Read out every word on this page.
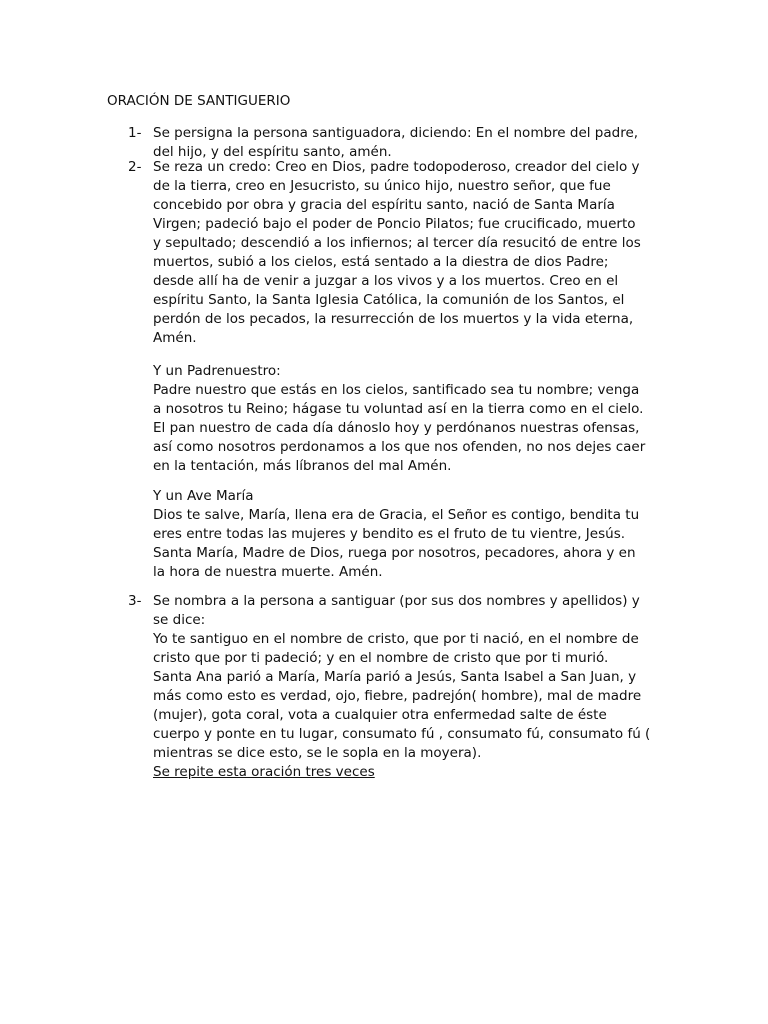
ORACIÓN DE SANTIGUERIO
1- Se persigna la persona santiguadora, diciendo: En el nombre del padre,
del hijo, y del espíritu santo, amén.
2- Se reza un credo: Creo en Dios, padre todopoderoso, creador del cielo y
de la tierra, creo en Jesucristo, su único hijo, nuestro señor, que fue
concebido por obra y gracia del espíritu santo, nació de Santa María
Virgen; padeció bajo el poder de Poncio Pilatos; fue crucificado, muerto
y sepultado; descendió a los infiernos; al tercer día resucitó de entre los
muertos, subió a los cielos, está sentado a la diestra de dios Padre;
desde allí ha de venir a juzgar a los vivos y a los muertos. Creo en el
espíritu Santo, la Santa Iglesia Católica, la comunión de los Santos, el
perdón de los pecados, la resurrección de los muertos y la vida eterna,
Amén.
Y un Padrenuestro:
Padre nuestro que estás en los cielos, santificado sea tu nombre; venga
a nosotros tu Reino; hágase tu voluntad así en la tierra como en el cielo.
El pan nuestro de cada día dánoslo hoy y perdónanos nuestras ofensas,
así como nosotros perdonamos a los que nos ofenden, no nos dejes caer
en la tentación, más líbranos del mal Amén.
Y un Ave María
Dios te salve, María, llena era de Gracia, el Señor es contigo, bendita tu
eres entre todas las mujeres y bendito es el fruto de tu vientre, Jesús.
Santa María, Madre de Dios, ruega por nosotros, pecadores, ahora y en
la hora de nuestra muerte. Amén.
3- Se nombra a la persona a santiguar (por sus dos nombres y apellidos) y
se dice:
Yo te santiguo en el nombre de cristo, que por ti nació, en el nombre de
cristo que por ti padeció; y en el nombre de cristo que por ti murió.
Santa Ana parió a María, María parió a Jesús, Santa Isabel a San Juan, y
más como esto es verdad, ojo, fiebre, padrejón( hombre), mal de madre
(mujer), gota coral, vota a cualquier otra enfermedad salte de éste
cuerpo y ponte en tu lugar, consumato fú , consumato fú, consumato fú (
mientras se dice esto, se le sopla en la moyera).
Se repite esta oración tres veces
